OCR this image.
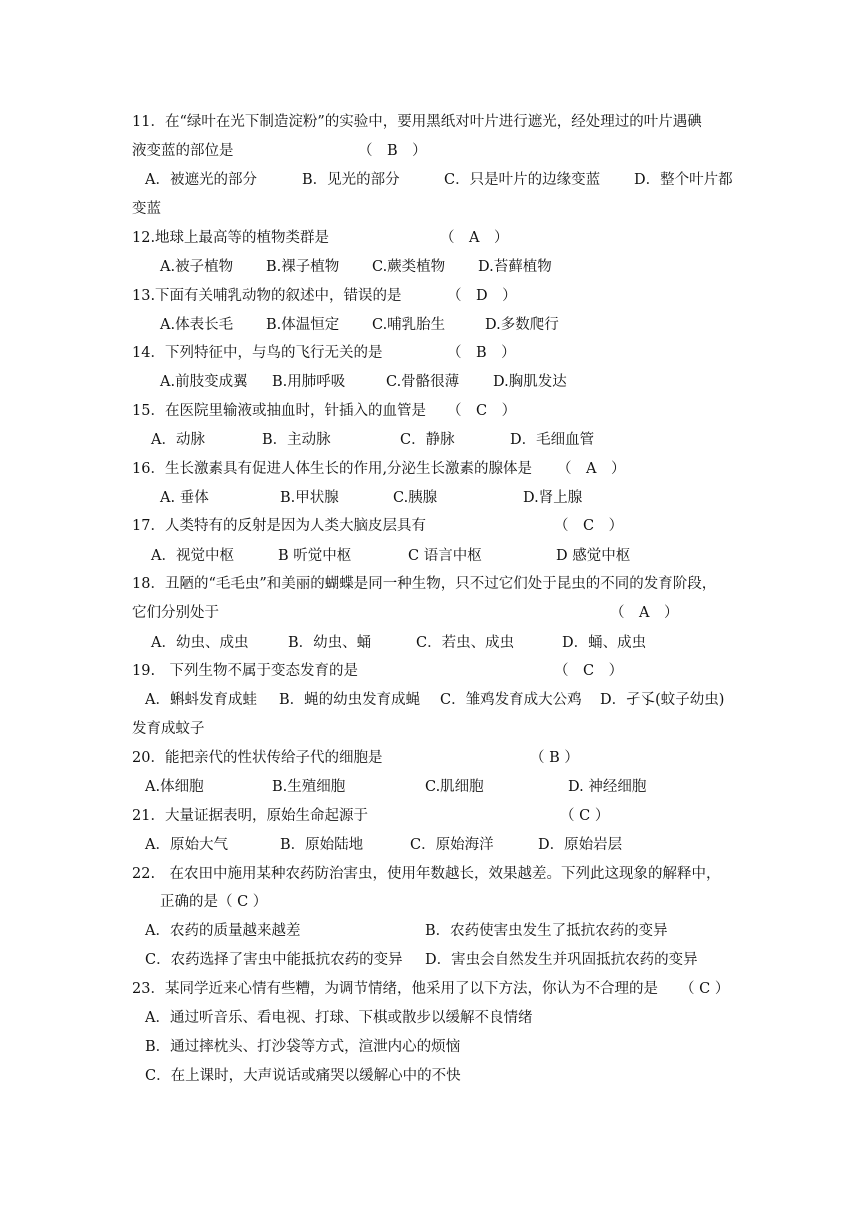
11．在“绿叶在光下制造淀粉”的实验中，要用黑纸对叶片进行遮光，经处理过的叶片遇碘
液变蓝的部位是	（　B　）
A．被遮光的部分	B．见光的部分	C．只是叶片的边缘变蓝 D．整个叶片都
变蓝
12.地球上最高等的植物类群是	（　A　）
A.被子植物 B.裸子植物 C.蕨类植物 D.苔藓植物
13.下面有关哺乳动物的叙述中，错误的是	（　D　）
A.体表长毛 B.体温恒定 C.哺乳胎生	D.多数爬行
14．下列特征中，与鸟的飞行无关的是	（　B　）
A.前肢变成翼 B.用肺呼吸	C.骨骼很薄 D.胸肌发达
15．在医院里输液或抽血时，针插入的血管是 （　C　）
A．动脉	B．主动脉	C．静脉	D．毛细血管
16．生长激素具有促进人体生长的作用,分泌生长激素的腺体是 （　A　）
A. 垂体	B.甲状腺	C.胰腺	D.肾上腺
17．人类特有的反射是因为人类大脑皮层具有	（　C　）
A．视觉中枢	B 听觉中枢	C 语言中枢	D 感觉中枢
18．丑陋的“毛毛虫”和美丽的蝴蝶是同一种生物，只不过它们处于昆虫的不同的发育阶段，
它们分别处于	（　A　）
A．幼虫、成虫	B．幼虫、蛹	C．若虫、成虫	D．蛹、成虫
19.　下列生物不属于变态发育的是	（　C　）
A．蝌蚪发育成蛙 B．蝇的幼虫发育成蝇 C．雏鸡发育成大公鸡 D．孑孓(蚊子幼虫)
发育成蚊子
20．能把亲代的性状传给子代的细胞是	（ B ）
A.体细胞	B.生殖细胞	C.肌细胞	D. 神经细胞
21．大量证据表明，原始生命起源于	（ C ）
A．原始大气	B．原始陆地	C．原始海洋	D．原始岩层
22.　在农田中施用某种农药防治害虫，使用年数越长，效果越差。下列此这现象的解释中，
正确的是（ C ）
A．农药的质量越来越差	B．农药使害虫发生了抵抗农药的变异
C．农药选择了害虫中能抵抗农药的变异 D．害虫会自然发生并巩固抵抗农药的变异
23．某同学近来心情有些糟，为调节情绪，他采用了以下方法，你认为不合理的是 （ C ）
A．通过听音乐、看电视、打球、下棋或散步以缓解不良情绪
B．通过摔枕头、打沙袋等方式，渲泄内心的烦恼
C．在上课时，大声说话或痛哭以缓解心中的不快
